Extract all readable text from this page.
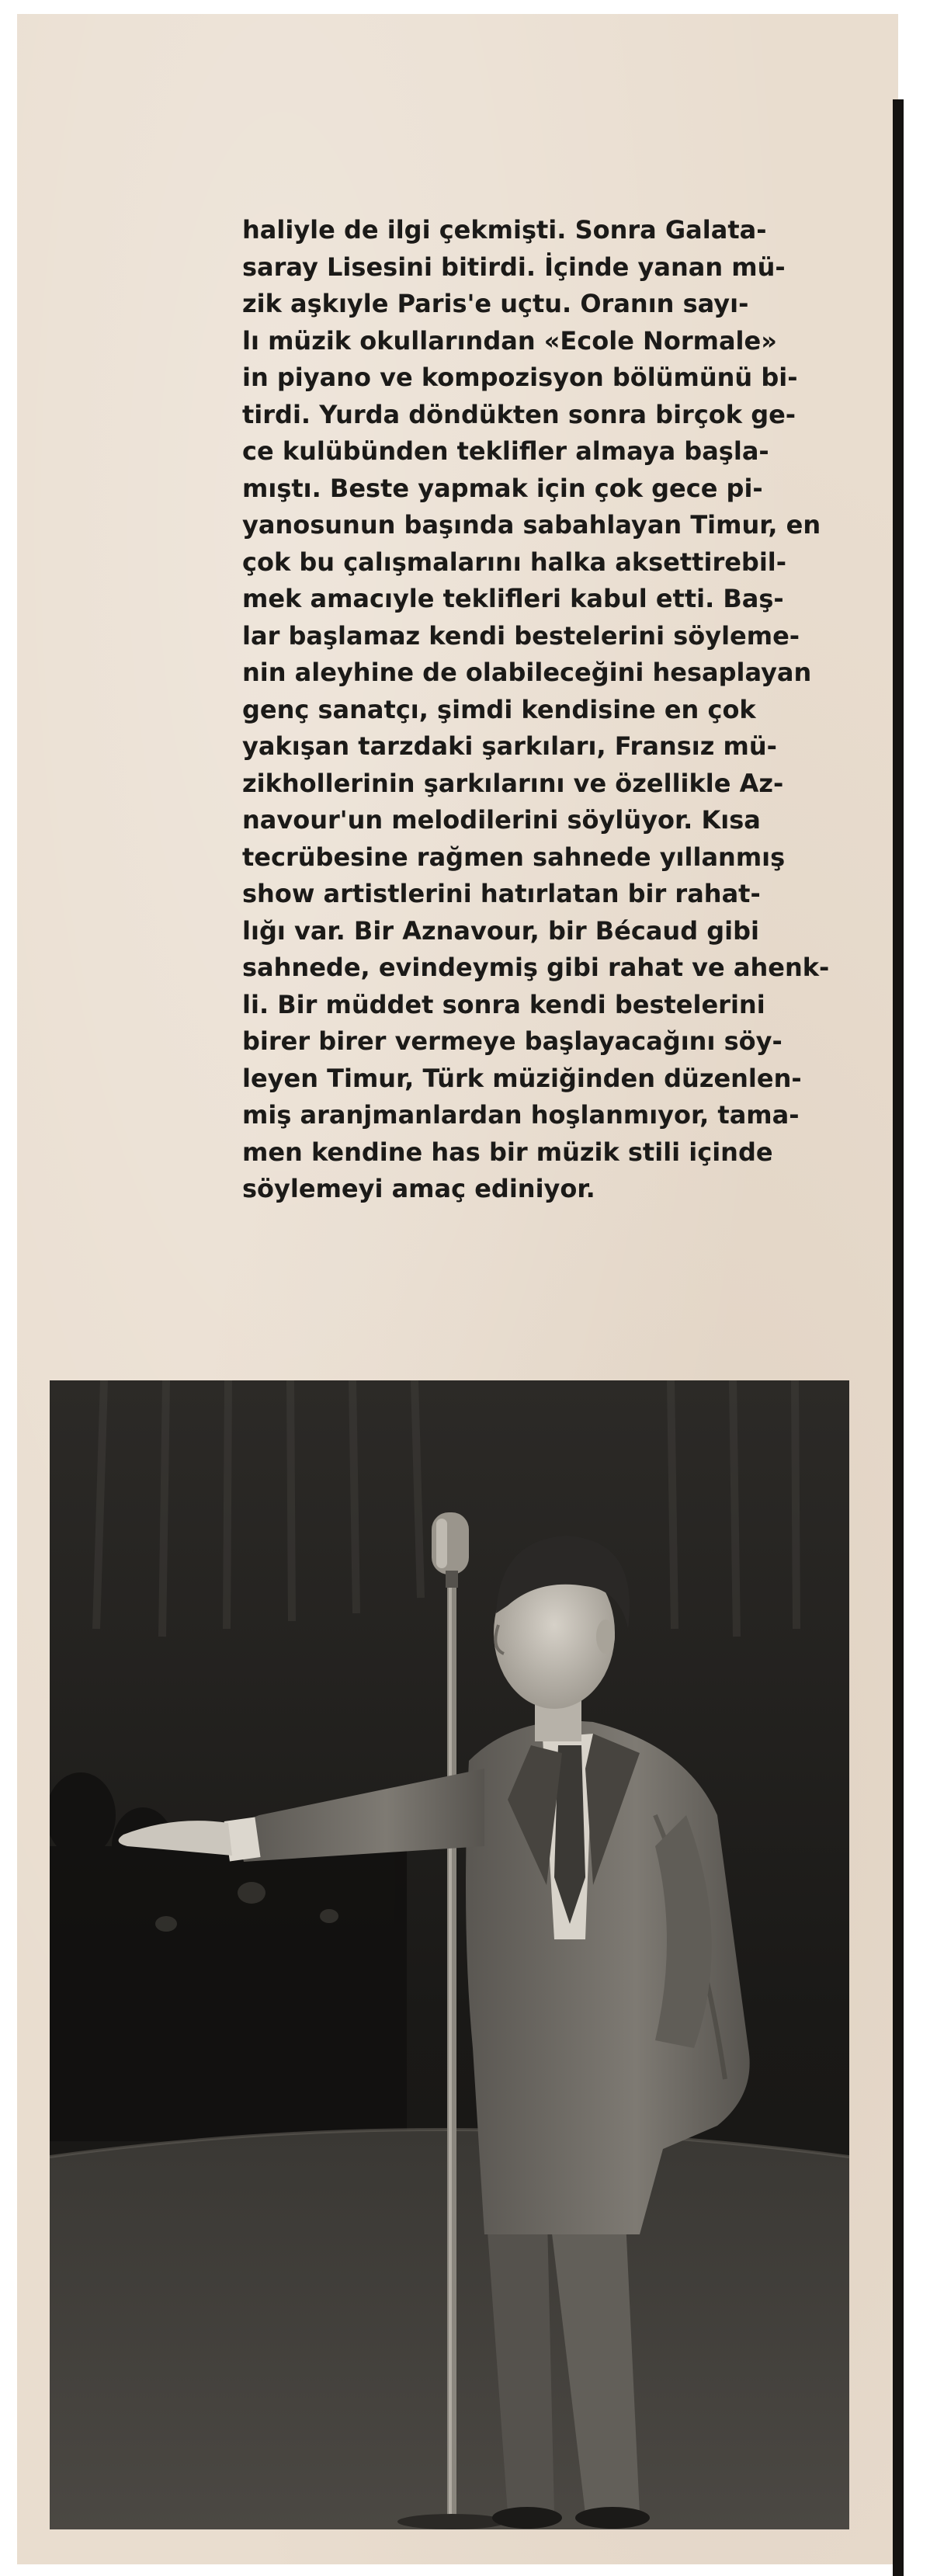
haliyle de ilgi çekmişti. Sonra Galata-
saray Lisesini bitirdi. İçinde yanan mü-
zik aşkıyle Paris'e uçtu. Oranın sayı-
lı müzik okullarından «Ecole Normale»
in piyano ve kompozisyon bölümünü bi-
tirdi. Yurda döndükten sonra birçok ge-
ce kulübünden teklifler almaya başla-
mıştı. Beste yapmak için çok gece pi-
yanosunun başında sabahlayan Timur, en
çok bu çalışmalarını halka aksettirebil-
mek amacıyle teklifleri kabul etti. Baş-
lar başlamaz kendi bestelerini söyleme-
nin aleyhine de olabileceğini hesaplayan
genç sanatçı, şimdi kendisine en çok
yakışan tarzdaki şarkıları, Fransız mü-
zikhollerinin şarkılarını ve özellikle Az-
navour'un melodilerini söylüyor. Kısa
tecrübesine rağmen sahnede yıllanmış
show artistlerini hatırlatan bir rahat-
lığı var. Bir Aznavour, bir Bécaud gibi
sahnede, evindeymiş gibi rahat ve ahenk-
li. Bir müddet sonra kendi bestelerini
birer birer vermeye başlayacağını söy-
leyen Timur, Türk müziğinden düzenlen-
miş aranjmanlardan hoşlanmıyor, tama-
men kendine has bir müzik stili içinde
söylemeyi amaç ediniyor.
